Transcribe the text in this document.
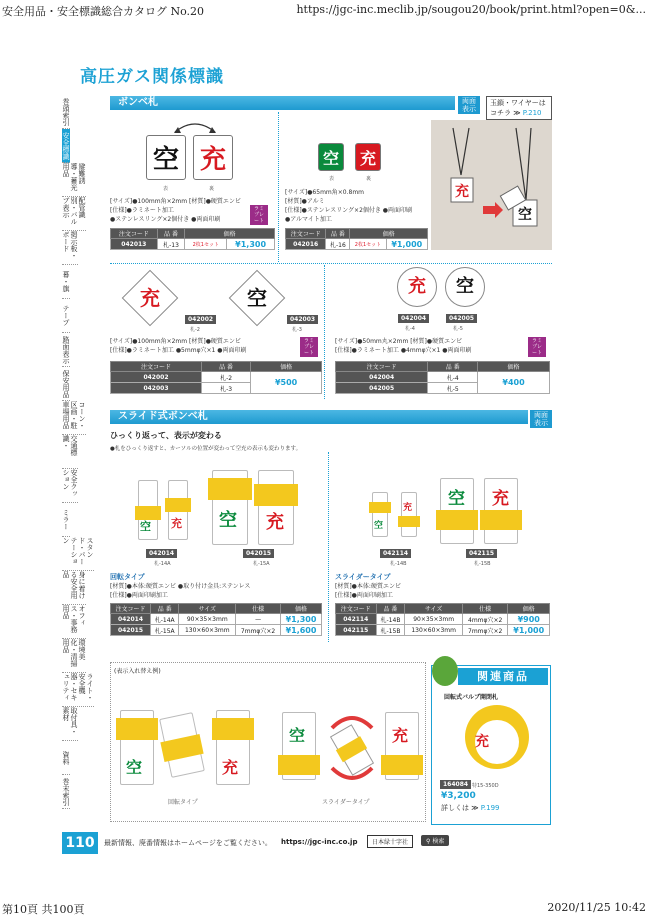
安全用品・安全標識総合カタログ No.20	https://jgc-inc.meclib.jp/sougou20/book/print.html?open=0&...
高圧ガス関係標識
巻頭索引
安全標識
避難誘導・蓄光用品
配管識別・バルブ表示
掲示板・ボード
幕・旗
テープ
路面表示
保安用品
コーン・区画・駐車場用品
交通標識・
安全クッション
ミラー
スタンド・パーテーション
身に着ける安全用品
オフィス・事務用品
環境美化・清掃用品
ライト・安全機器・セキュリティ
取付具・素材
資料
巻末索引
ボンベ札	両面表示
玉鎖・ワイヤーは
コチラ ≫ P.210
空 充
表	裏
[サイズ]●100mm角×2mm [材質]●硬質エンビ
[仕様]●ラミネート加工
●ステンレスリング×2個付き ●両面印刷
ラミプレート
注文コード	品 番	価格	
042013	札-13	2枚1セット	¥1,300
空	充
表	裏
[サイズ]●65mm角×0.8mm
[材質]●アルミ
[仕様]●ステンレスリング×2個付き ●両面印刷
●アルマイト加工
注文コード	品 番	価格	
042016	札-16	2枚1セット	¥1,000
充
空
充	空
042002
札-2
042003
札-3
[サイズ]●100mm角×2mm [材質]●硬質エンビ
[仕様]●ラミネート加工 ●5mmφ穴×1 ●両面印刷
ラミプレート
注文コード	品 番	価格
042002	札-2	¥500
042003	札-3	
充	空
042004
札-4
042005
札-5
[サイズ]●50mm丸×2mm [材質]●硬質エンビ
[仕様]●ラミネート加工 ●4mmφ穴×1 ●両面印刷
ラミプレート
注文コード	品 番	価格
042004	札-4	¥400
042005	札-5	
スライド式ボンベ札	両面表示
ひっくり返って、表示が変わる
●札をひっくり返すと、カーソルの位置が変わって空充の表示も変わります。
空 充 空 充
042014
札-14A
042015
札-15A
回転タイプ
[材質]●本体:硬質エンビ ●取り付け金具:ステンレス
[仕様]●両面印刷加工
注文コード	品 番	サイズ	仕様	価格
042014	札-14A	90×35×3mm	—	¥1,300
042015	札-15A	130×60×3mm	7mmφ穴×2	¥1,600
空
充 空 充
042114
札-14B
042115
札-15B
スライダータイプ
[材質]●本体:硬質エンビ
[仕様]●両面印刷加工
注文コード	品 番	サイズ	仕様	価格
042114	札-14B	90×35×3mm	4mmφ穴×2	¥900
042115	札-15B	130×60×3mm	7mmφ穴×2	¥1,000
(表示入れ替え例)
空	充
回転タイプ
空	充
スライダータイプ
関連商品
回転式バルブ開閉札
充
164084 特15-350D
¥3,200
詳しくは ≫ P.199
110	最新情報、廃番情報はホームページをご覧ください。 https://jgc-inc.co.jp	日本緑十字社	⚲ 検索
第10頁 共100頁	2020/11/25 10:42
